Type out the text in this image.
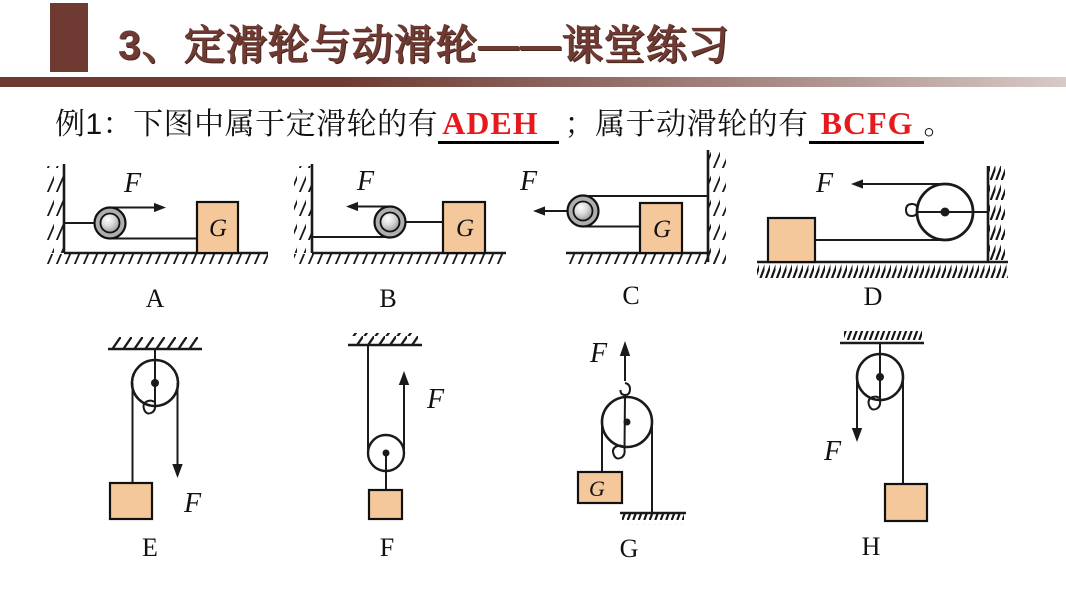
3、定滑轮与动滑轮——课堂练习
例1：下图中属于定滑轮的有 ADEH ；属于动滑轮的有 BCFG 。
G
F
A
G
F
B
G
F
C
F
D
F
E
F
F
G
F
G
F
H
